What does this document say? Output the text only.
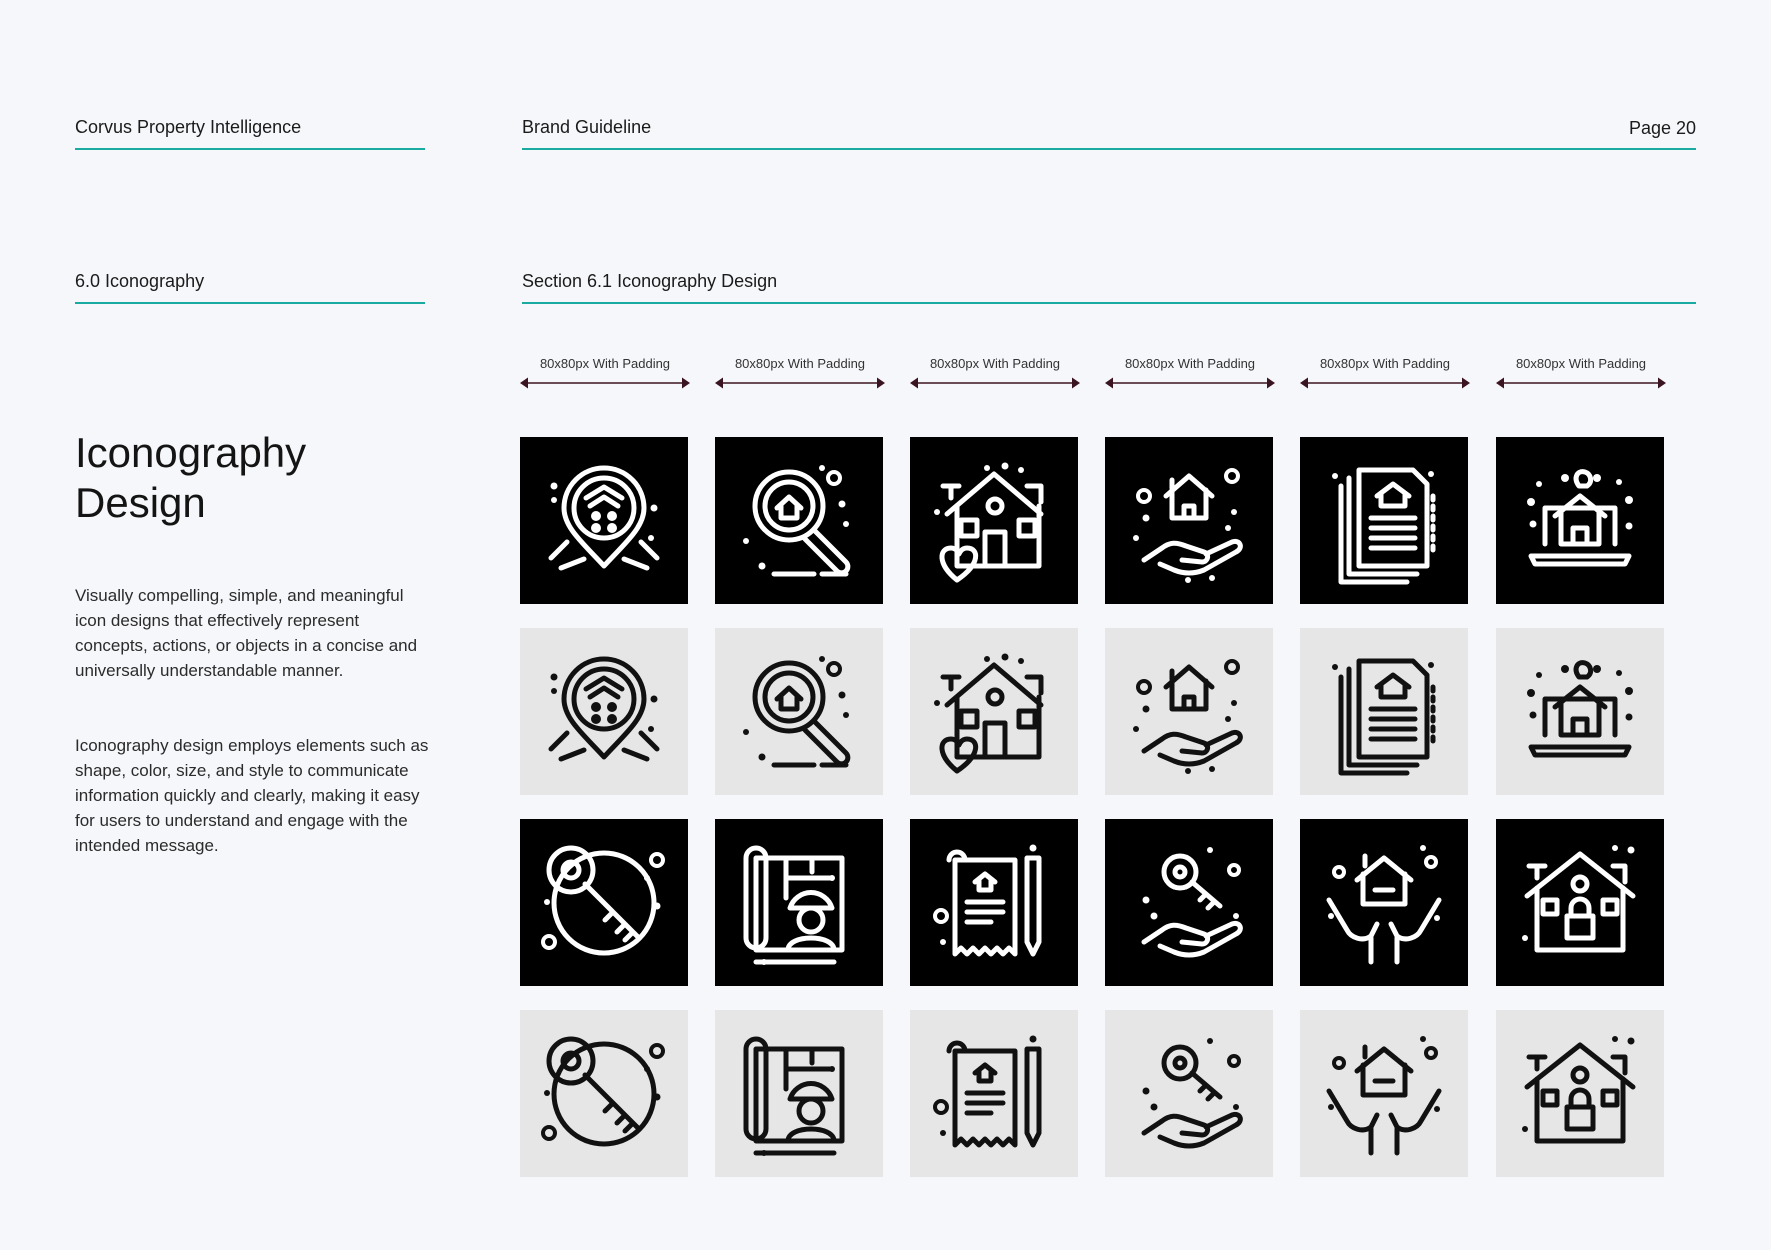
Corvus Property Intelligence	Brand Guideline	Page 20
6.0 Iconography	Section 6.1 Iconography Design
Iconography
Design

Visually compelling, simple, and meaningful icon designs that effectively represent concepts, actions, or objects in a concise and universally understandable manner.

Iconography design employs elements such as shape, color, size, and style to communicate information quickly and clearly, making it easy for users to understand and engage with the intended message.

80x80px With Padding	80x80px With Padding	80x80px With Padding	80x80px With Padding	80x80px With Padding	80x80px With Padding
